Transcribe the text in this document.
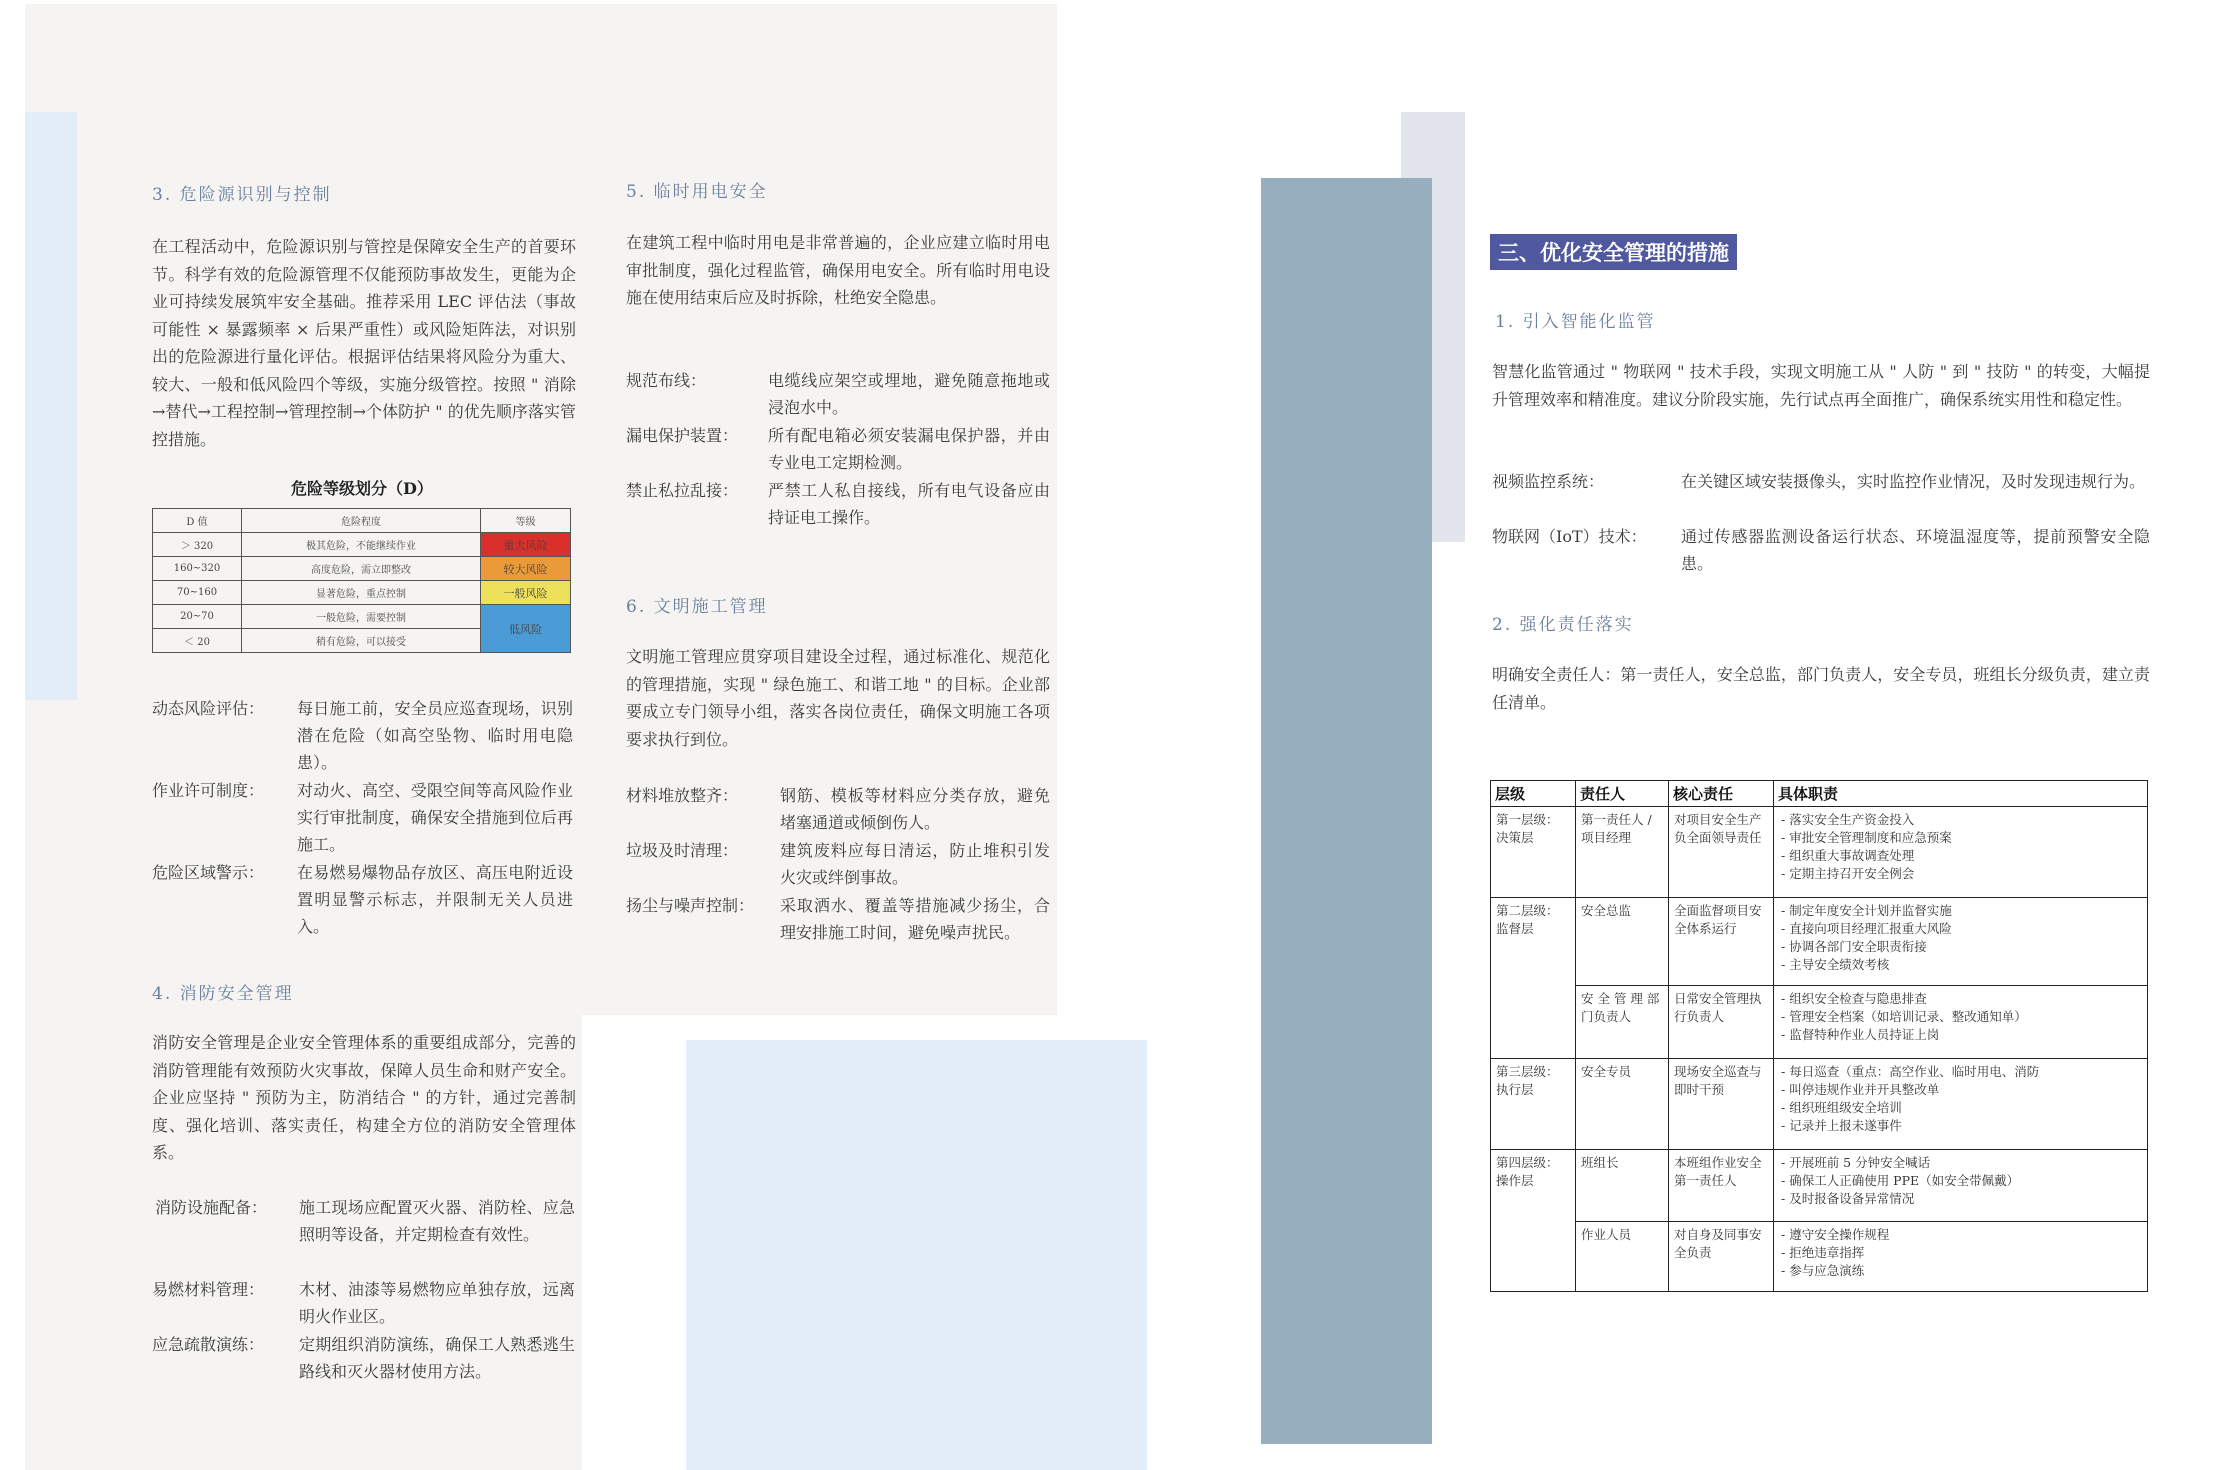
3. 危险源识别与控制
在工程活动中，危险源识别与管控是保障安全生产的首要环节。科学有效的危险源管理不仅能预防事故发生，更能为企业可持续发展筑牢安全基础。推荐采用 LEC 评估法（事故可能性 × 暴露频率 × 后果严重性）或风险矩阵法，对识别出的危险源进行量化评估。根据评估结果将风险分为重大、较大、一般和低风险四个等级，实施分级管控。按照 " 消除→替代→工程控制→管理控制→个体防护 " 的优先顺序落实管控措施。
危险等级划分（D）
D 值	危险程度	等级
＞ 320	极其危险，不能继续作业	重大风险
160~320	高度危险，需立即整改	较大风险
70~160	显著危险，重点控制	一般风险
20~70	一般危险，需要控制	低风险
＜ 20	稍有危险，可以接受	
动态风险评估： 每日施工前，安全员应巡查现场，识别潜在危险（如高空坠物、临时用电隐患）。
作业许可制度： 对动火、高空、受限空间等高风险作业实行审批制度，确保安全措施到位后再施工。
危险区域警示： 在易燃易爆物品存放区、高压电附近设置明显警示标志，并限制无关人员进入。
4. 消防安全管理
消防安全管理是企业安全管理体系的重要组成部分，完善的消防管理能有效预防火灾事故，保障人员生命和财产安全。企业应坚持 " 预防为主，防消结合 " 的方针，通过完善制度、强化培训、落实责任，构建全方位的消防安全管理体系。
消防设施配备： 施工现场应配置灭火器、消防栓、应急照明等设备，并定期检查有效性。
易燃材料管理： 木材、油漆等易燃物应单独存放，远离明火作业区。
应急疏散演练： 定期组织消防演练，确保工人熟悉逃生路线和灭火器材使用方法。
5. 临时用电安全
在建筑工程中临时用电是非常普遍的，企业应建立临时用电审批制度，强化过程监管，确保用电安全。所有临时用电设施在使用结束后应及时拆除，杜绝安全隐患。
规范布线：	电缆线应架空或埋地，避免随意拖地或浸泡水中。
漏电保护装置： 所有配电箱必须安装漏电保护器，并由专业电工定期检测。
禁止私拉乱接： 严禁工人私自接线，所有电气设备应由持证电工操作。
6. 文明施工管理
文明施工管理应贯穿项目建设全过程，通过标准化、规范化的管理措施，实现 " 绿色施工、和谐工地 " 的目标。企业部要成立专门领导小组，落实各岗位责任，确保文明施工各项要求执行到位。
材料堆放整齐：	钢筋、模板等材料应分类存放，避免堵塞通道或倾倒伤人。
垃圾及时清理：	建筑废料应每日清运，防止堆积引发火灾或绊倒事故。
扬尘与噪声控制： 采取洒水、覆盖等措施减少扬尘，合理安排施工时间，避免噪声扰民。
三、优化安全管理的措施
1. 引入智能化监管
智慧化监管通过 " 物联网 " 技术手段，实现文明施工从 " 人防 " 到 " 技防 " 的转变，大幅提升管理效率和精准度。建议分阶段实施，先行试点再全面推广，确保系统实用性和稳定性。
视频监控系统：	在关键区域安装摄像头，实时监控作业情况，及时发现违规行为。
物联网（IoT）技术： 通过传感器监测设备运行状态、环境温湿度等，提前预警安全隐患。
2. 强化责任落实
明确安全责任人：第一责任人，安全总监，部门负责人，安全专员，班组长分级负责，建立责任清单。
层级	责任人	核心责任	具体职责
第一层级：决策层	第一责任人 / 项目经理	对项目安全生产负全面领导责任	- 落实安全生产资金投入
- 审批安全管理制度和应急预案
- 组织重大事故调查处理
- 定期主持召开安全例会

第二层级：监督层	安全总监	全面监督项目安全体系运行	- 制定年度安全计划并监督实施
- 直接向项目经理汇报重大风险
- 协调各部门安全职责衔接
- 主导安全绩效考核

	安 全 管 理 部门负责人	日常安全管理执行负责人	- 组织安全检查与隐患排查
- 管理安全档案（如培训记录、整改通知单）
- 监督特种作业人员持证上岗

第三层级：执行层	安全专员	现场安全巡查与即时干预	- 每日巡查（重点：高空作业、临时用电、消防
- 叫停违规作业并开具整改单
- 组织班组级安全培训
- 记录并上报未遂事件

第四层级：操作层	班组长	本班组作业安全第一责任人	- 开展班前 5 分钟安全喊话
- 确保工人正确使用 PPE（如安全带佩戴）
- 及时报备设备异常情况

	作业人员	对自身及同事安全负责	- 遵守安全操作规程
- 拒绝违章指挥
- 参与应急演练
